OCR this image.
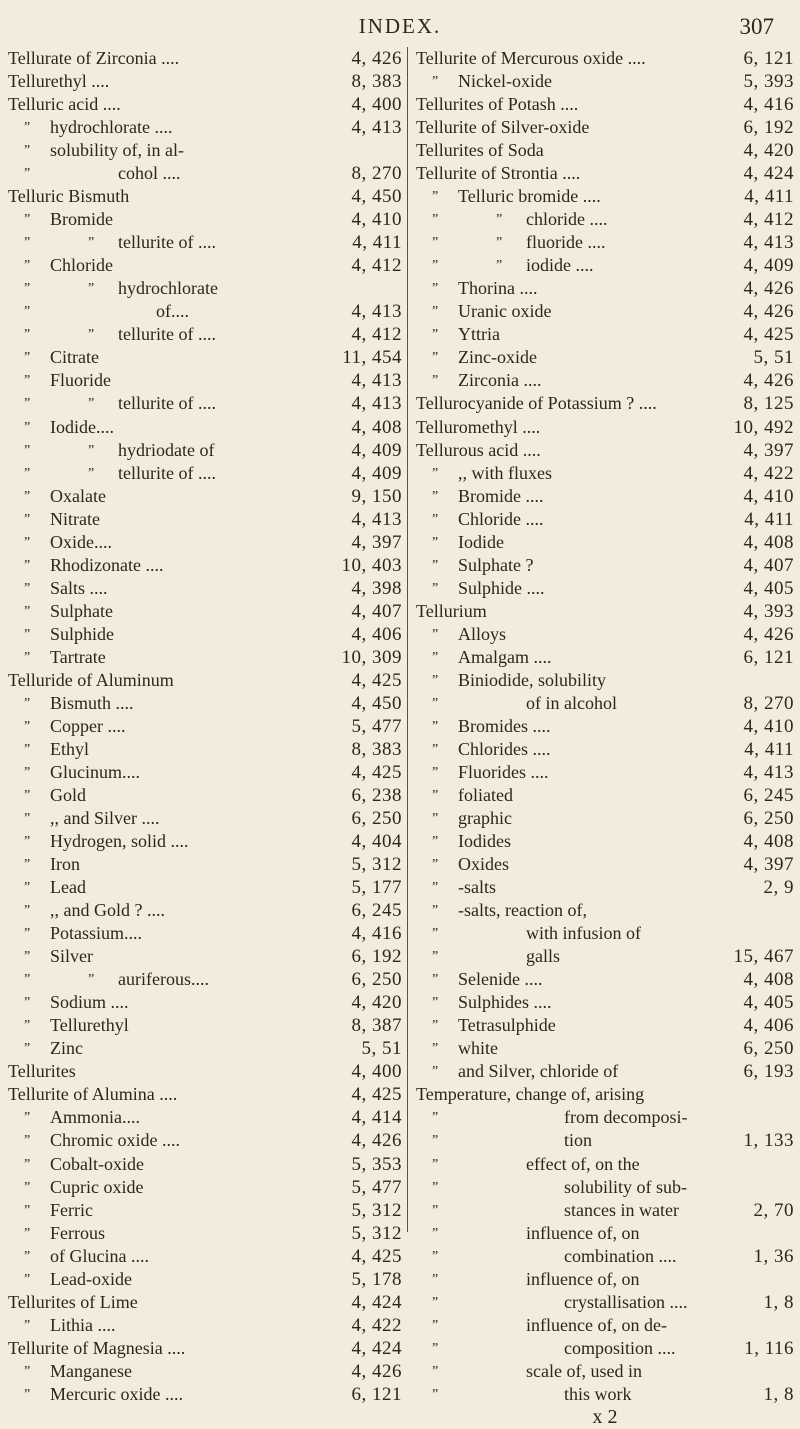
INDEX.	307
Tellurate of Zirconia ....	4, 426
Tellurethyl ....	8, 383
Telluric acid ....	4, 400
” hydrochlorate ....	4, 413
” solubility of, in al-
”	cohol ....	8, 270
Telluric Bismuth	4, 450
” Bromide	4, 410
”	” tellurite of ....	4, 411
” Chloride	4, 412
”	” hydrochlorate
”	of....	4, 413
”	” tellurite of ....	4, 412
” Citrate	11, 454
” Fluoride	4, 413
”	” tellurite of ....	4, 413
” Iodide....	4, 408
”	” hydriodate of	4, 409
”	” tellurite of ....	4, 409
” Oxalate	9, 150
” Nitrate	4, 413
” Oxide....	4, 397
” Rhodizonate ....	10, 403
” Salts ....	4, 398
” Sulphate	4, 407
” Sulphide	4, 406
” Tartrate	10, 309
Telluride of Aluminum	4, 425
” Bismuth ....	4, 450
” Copper ....	5, 477
” Ethyl	8, 383
” Glucinum....	4, 425
” Gold	6, 238
” ,, and Silver ....	6, 250
” Hydrogen, solid ....	4, 404
” Iron	5, 312
” Lead	5, 177
” ,, and Gold ? ....	6, 245
” Potassium....	4, 416
” Silver	6, 192
”	” auriferous....	6, 250
” Sodium ....	4, 420
” Tellurethyl	8, 387
” Zinc	5, 51
Tellurites	4, 400
Tellurite of Alumina ....	4, 425
” Ammonia....	4, 414
” Chromic oxide ....	4, 426
” Cobalt-oxide	5, 353
” Cupric oxide	5, 477
” Ferric	5, 312
” Ferrous	5, 312
” of Glucina ....	4, 425
” Lead-oxide	5, 178
Tellurites of Lime	4, 424
” Lithia ....	4, 422
Tellurite of Magnesia ....	4, 424
” Manganese	4, 426
” Mercuric oxide ....	6, 121
Tellurite of Mercurous oxide ....	6, 121
” Nickel-oxide	5, 393
Tellurites of Potash ....	4, 416
Tellurite of Silver-oxide	6, 192
Tellurites of Soda	4, 420
Tellurite of Strontia ....	4, 424
” Telluric bromide ....	4, 411
”	” chloride ....	4, 412
”	” fluoride ....	4, 413
”	” iodide ....	4, 409
” Thorina ....	4, 426
” Uranic oxide	4, 426
” Yttria	4, 425
” Zinc-oxide	5, 51
” Zirconia ....	4, 426
Tellurocyanide of Potassium ? ....	8, 125
Telluromethyl ....	10, 492
Tellurous acid ....	4, 397
” ,, with fluxes	4, 422
” Bromide ....	4, 410
” Chloride ....	4, 411
” Iodide	4, 408
” Sulphate ?	4, 407
” Sulphide ....	4, 405
Tellurium	4, 393
” Alloys	4, 426
” Amalgam ....	6, 121
” Biniodide, solubility
”	of in alcohol	8, 270
” Bromides ....	4, 410
” Chlorides ....	4, 411
” Fluorides ....	4, 413
” foliated	6, 245
” graphic	6, 250
” Iodides	4, 408
” Oxides	4, 397
” -salts	2, 9
” -salts, reaction of,
”	with infusion of
”	galls	15, 467
” Selenide ....	4, 408
” Sulphides ....	4, 405
” Tetrasulphide	4, 406
” white	6, 250
” and Silver, chloride of	6, 193
Temperature, change of, arising
”	from decomposi-
”	tion	1, 133
”	effect of, on the
”	solubility of sub-
”	stances in water	2, 70
”	influence of, on
”	combination ....	1, 36
”	influence of, on
”	crystallisation ....	1, 8
”	influence of, on de-
”	composition ....	1, 116
”	scale of, used in
”	this work	1, 8
x 2
